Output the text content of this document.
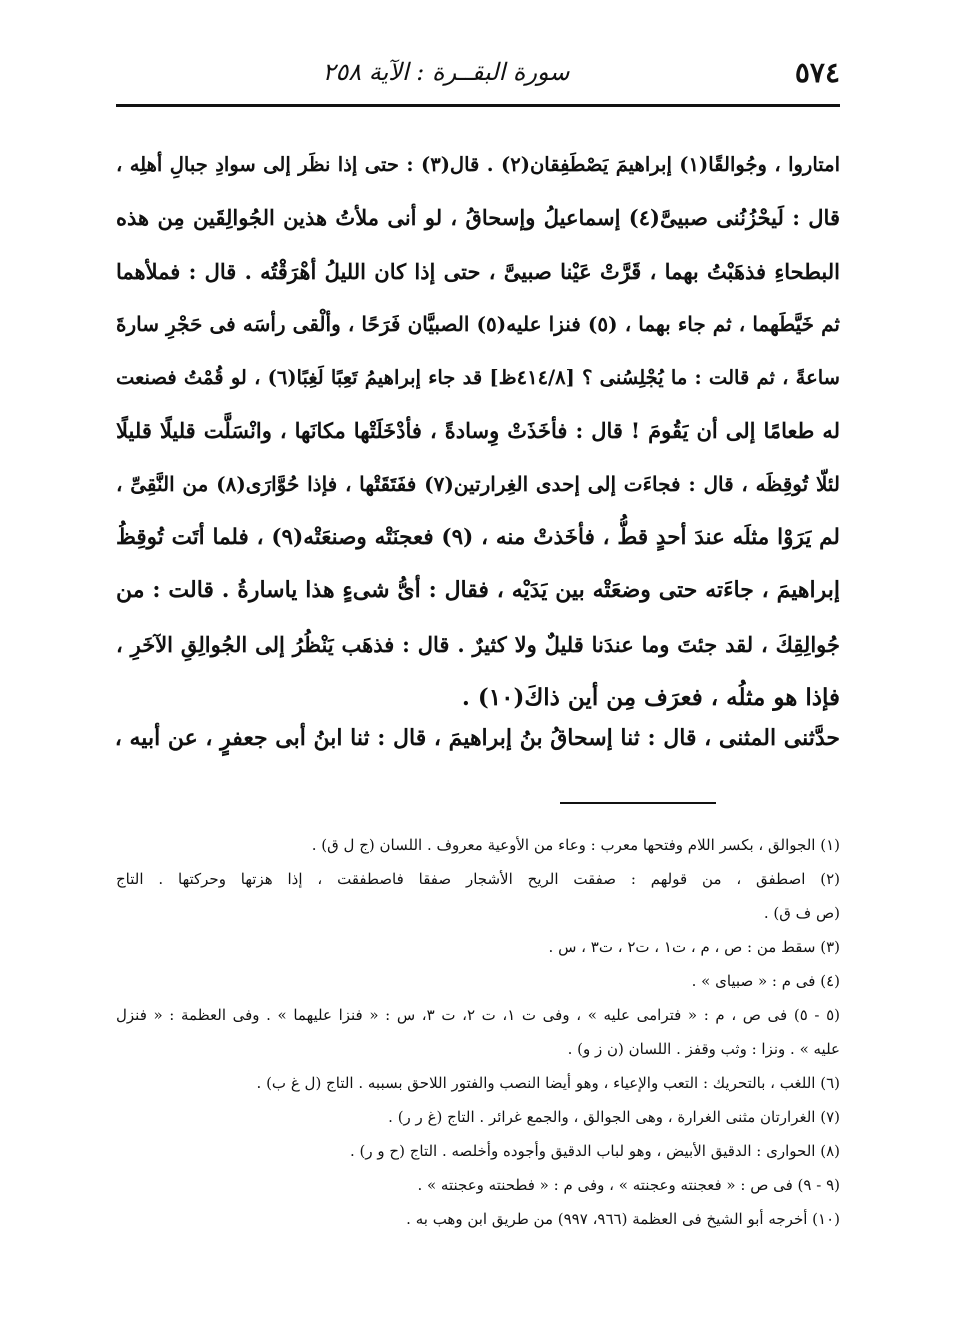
٥٧٤
سورة البقــرة : الآية ٢٥٨
امتاروا ، وجُوالقًا(١) إبراهيمَ يَصْطَفِقان(٢) . قال(٣) : حتى إذا نظَر إلى سوادِ جبالِ أهلِه ،
قال : لَيحْزُنُنى صبيىَّ(٤) إسماعيلُ وإسحاقُ ، لو أنى ملأتُ هذين الجُوالِقَين مِن هذه
البطحاءِ فذهَبْتُ بهما ، قَرَّتْ عَيْنا صبيىَّ ، حتى إذا كان الليلُ أهْرَقْتُه . قال : فملأهما
ثم خَيَّطَهما ، ثم جاء بهما ، (٥) فنزا عليه(٥) الصبيَّان فَرَحًا ، وألْقى رأسَه فى حَجْرِ سارةَ
ساعةً ، ثم قالت : ما يُجْلِسُنى ؟ [٤١٤/٨ظ] قد جاء إبراهيمُ تَعِبًا لَغِبًا(٦) ، لو قُمْتُ فصنعت
له طعامًا إلى أن يَقُومَ ! قال : فأخَذَتْ وِسادةً ، فأدْخَلَتْها مكانَها ، وانْسَلَّت قليلًا قليلًا
لئلّا تُوقِظَه ، قال : فجاءَت إلى إحدى الغِرارتين(٧) ففَتَقَتْها ، فإذا حُوَّارَى(٨) من النَّقِىِّ ،
لم يَرَوْا مثلَه عندَ أحدٍ قطُّ ، فأخَذتْ منه ، (٩) فعجنَتْه وصنعَتْه(٩) ، فلما أتَت تُوقِظُ
إبراهيمَ ، جاءَته حتى وضعَتْه بين يَدَيْه ، فقال : أىُّ شىءٍ هذا ياسارةُ . قالت : من
جُوالِقِكَ ، لقد جئتَ وما عندَنا قليلٌ ولا كثيرٌ . قال : فذهَب يَنْظُرُ إلى الجُوالِقِ الآخَرِ ،
فإذا هو مثلُه ، فعرَف مِن أين ذاكَ(١٠) .
حدَّثنى المثنى ، قال : ثنا إسحاقُ بنُ إبراهيمَ ، قال : ثنا ابنُ أبى جعفرٍ ، عن أبيه ،
(١) الجوالق ، بكسر اللام وفتحها معرب : وعاء من الأوعية معروف . اللسان (ج ل ق) .
(٢) اصطفق ، من قولهم : صفقت الريح الأشجار صفقا فاصطفقت ، إذا هزتها وحركتها . التاج
(ص ف ق) .
(٣) سقط من : ص ، م ، ت١ ، ت٢ ، ت٣ ، س .
(٤) فى م : « صبياى » .
(٥ - ٥) فى ص ، م : « فترامى عليه » ، وفى ت ١، ت ٢، ت ٣، س : « فنزا عليهما » . وفى العظمة : « فنزل
عليه » . ونزا : وثب وقفز . اللسان (ن ز و) .
(٦) اللغب ، بالتحريك : التعب والإعياء ، وهو أيضا النصب والفتور اللاحق بسببه . التاج (ل غ ب) .
(٧) الغرارتان مثنى الغرارة ، وهى الجوالق ، والجمع غرائر . التاج (غ ر ر) .
(٨) الحوارى : الدقيق الأبيض ، وهو لباب الدقيق وأجوده وأخلصه . التاج (ح و ر) .
(٩ - ٩) فى ص : « فعجنته وعجنته » ، وفى م : « فطحنته وعجنته » .
(١٠) أخرجه أبو الشيخ فى العظمة (٩٦٦، ٩٩٧) من طريق ابن وهب به .
